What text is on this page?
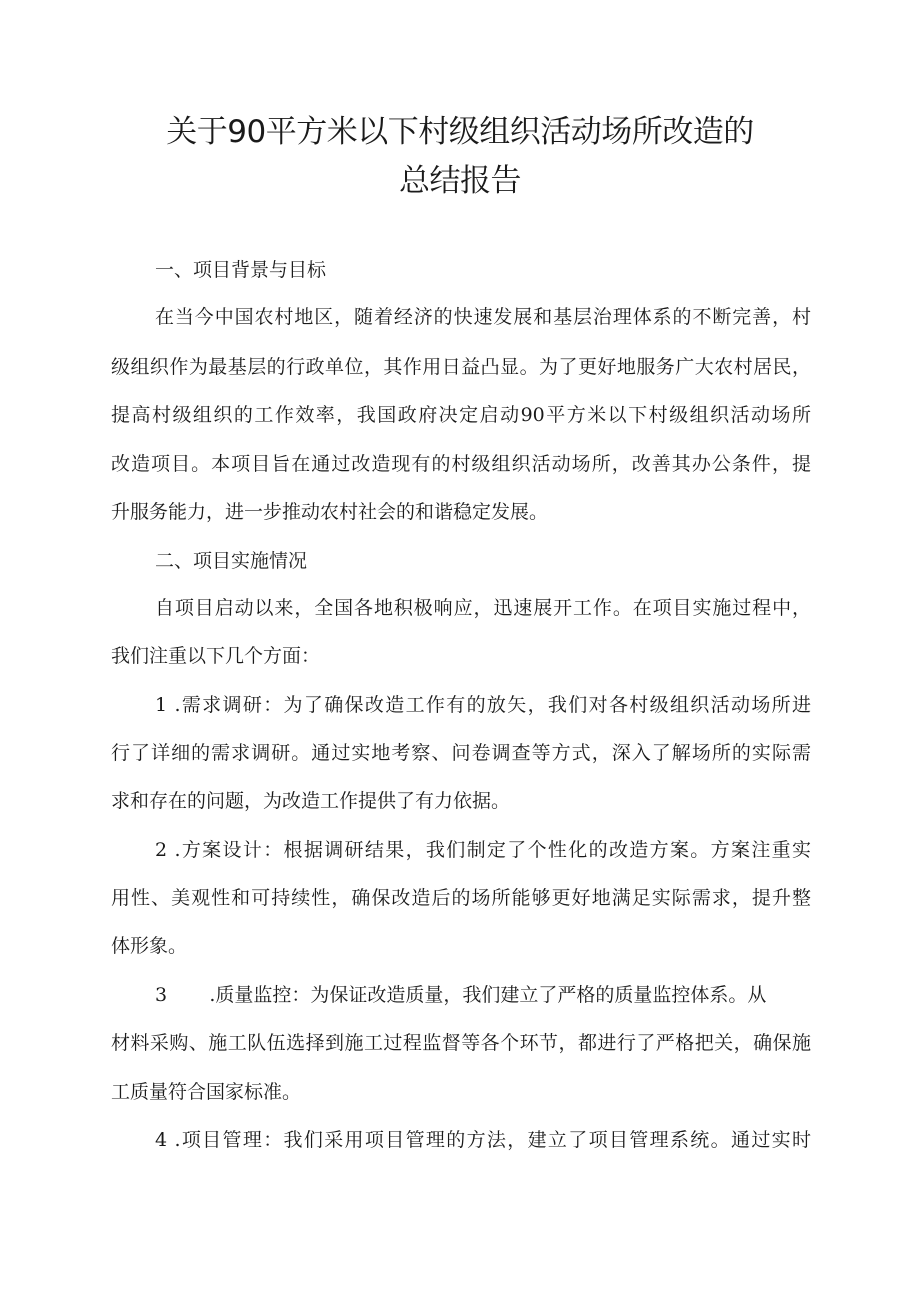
关于90平方米以下村级组织活动场所改造的
总结报告

一、项目背景与目标

在当今中国农村地区，随着经济的快速发展和基层治理体系的不断完善，村

级组织作为最基层的行政单位，其作用日益凸显。为了更好地服务广大农村居民，

提高村级组织的工作效率，我国政府决定启动90平方米以下村级组织活动场所

改造项目。本项目旨在通过改造现有的村级组织活动场所，改善其办公条件，提

升服务能力，进一步推动农村社会的和谐稳定发展。

二、项目实施情况

自项目启动以来，全国各地积极响应，迅速展开工作。在项目实施过程中，

我们注重以下几个方面：

1 .需求调研：为了确保改造工作有的放矢，我们对各村级组织活动场所进

行了详细的需求调研。通过实地考察、问卷调查等方式，深入了解场所的实际需

求和存在的问题，为改造工作提供了有力依据。

2 .方案设计：根据调研结果，我们制定了个性化的改造方案。方案注重实

用性、美观性和可持续性，确保改造后的场所能够更好地满足实际需求，提升整

体形象。

3       .质量监控：为保证改造质量，我们建立了严格的质量监控体系。从

材料采购、施工队伍选择到施工过程监督等各个环节，都进行了严格把关，确保施

工质量符合国家标准。

4 .项目管理：我们采用项目管理的方法，建立了项目管理系统。通过实时
